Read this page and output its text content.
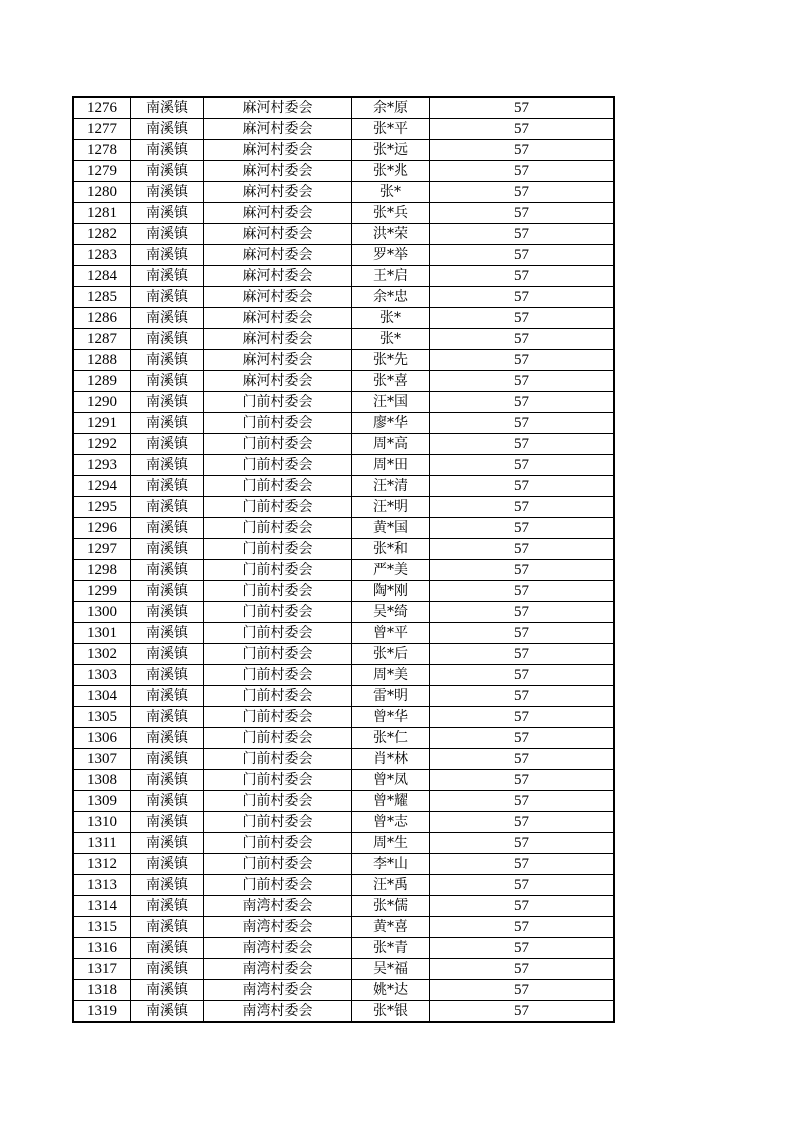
1276	南溪镇	麻河村委会	余*原	57
1277	南溪镇	麻河村委会	张*平	57
1278	南溪镇	麻河村委会	张*远	57
1279	南溪镇	麻河村委会	张*兆	57
1280	南溪镇	麻河村委会	张*	57
1281	南溪镇	麻河村委会	张*兵	57
1282	南溪镇	麻河村委会	洪*荣	57
1283	南溪镇	麻河村委会	罗*举	57
1284	南溪镇	麻河村委会	王*启	57
1285	南溪镇	麻河村委会	余*忠	57
1286	南溪镇	麻河村委会	张*	57
1287	南溪镇	麻河村委会	张*	57
1288	南溪镇	麻河村委会	张*先	57
1289	南溪镇	麻河村委会	张*喜	57
1290	南溪镇	门前村委会	汪*国	57
1291	南溪镇	门前村委会	廖*华	57
1292	南溪镇	门前村委会	周*高	57
1293	南溪镇	门前村委会	周*田	57
1294	南溪镇	门前村委会	汪*清	57
1295	南溪镇	门前村委会	汪*明	57
1296	南溪镇	门前村委会	黄*国	57
1297	南溪镇	门前村委会	张*和	57
1298	南溪镇	门前村委会	严*美	57
1299	南溪镇	门前村委会	陶*刚	57
1300	南溪镇	门前村委会	吴*绮	57
1301	南溪镇	门前村委会	曾*平	57
1302	南溪镇	门前村委会	张*后	57
1303	南溪镇	门前村委会	周*美	57
1304	南溪镇	门前村委会	雷*明	57
1305	南溪镇	门前村委会	曾*华	57
1306	南溪镇	门前村委会	张*仁	57
1307	南溪镇	门前村委会	肖*林	57
1308	南溪镇	门前村委会	曾*凤	57
1309	南溪镇	门前村委会	曾*耀	57
1310	南溪镇	门前村委会	曾*志	57
1311	南溪镇	门前村委会	周*生	57
1312	南溪镇	门前村委会	李*山	57
1313	南溪镇	门前村委会	汪*禹	57
1314	南溪镇	南湾村委会	张*儒	57
1315	南溪镇	南湾村委会	黄*喜	57
1316	南溪镇	南湾村委会	张*青	57
1317	南溪镇	南湾村委会	吴*福	57
1318	南溪镇	南湾村委会	姚*达	57
1319	南溪镇	南湾村委会	张*银	57
